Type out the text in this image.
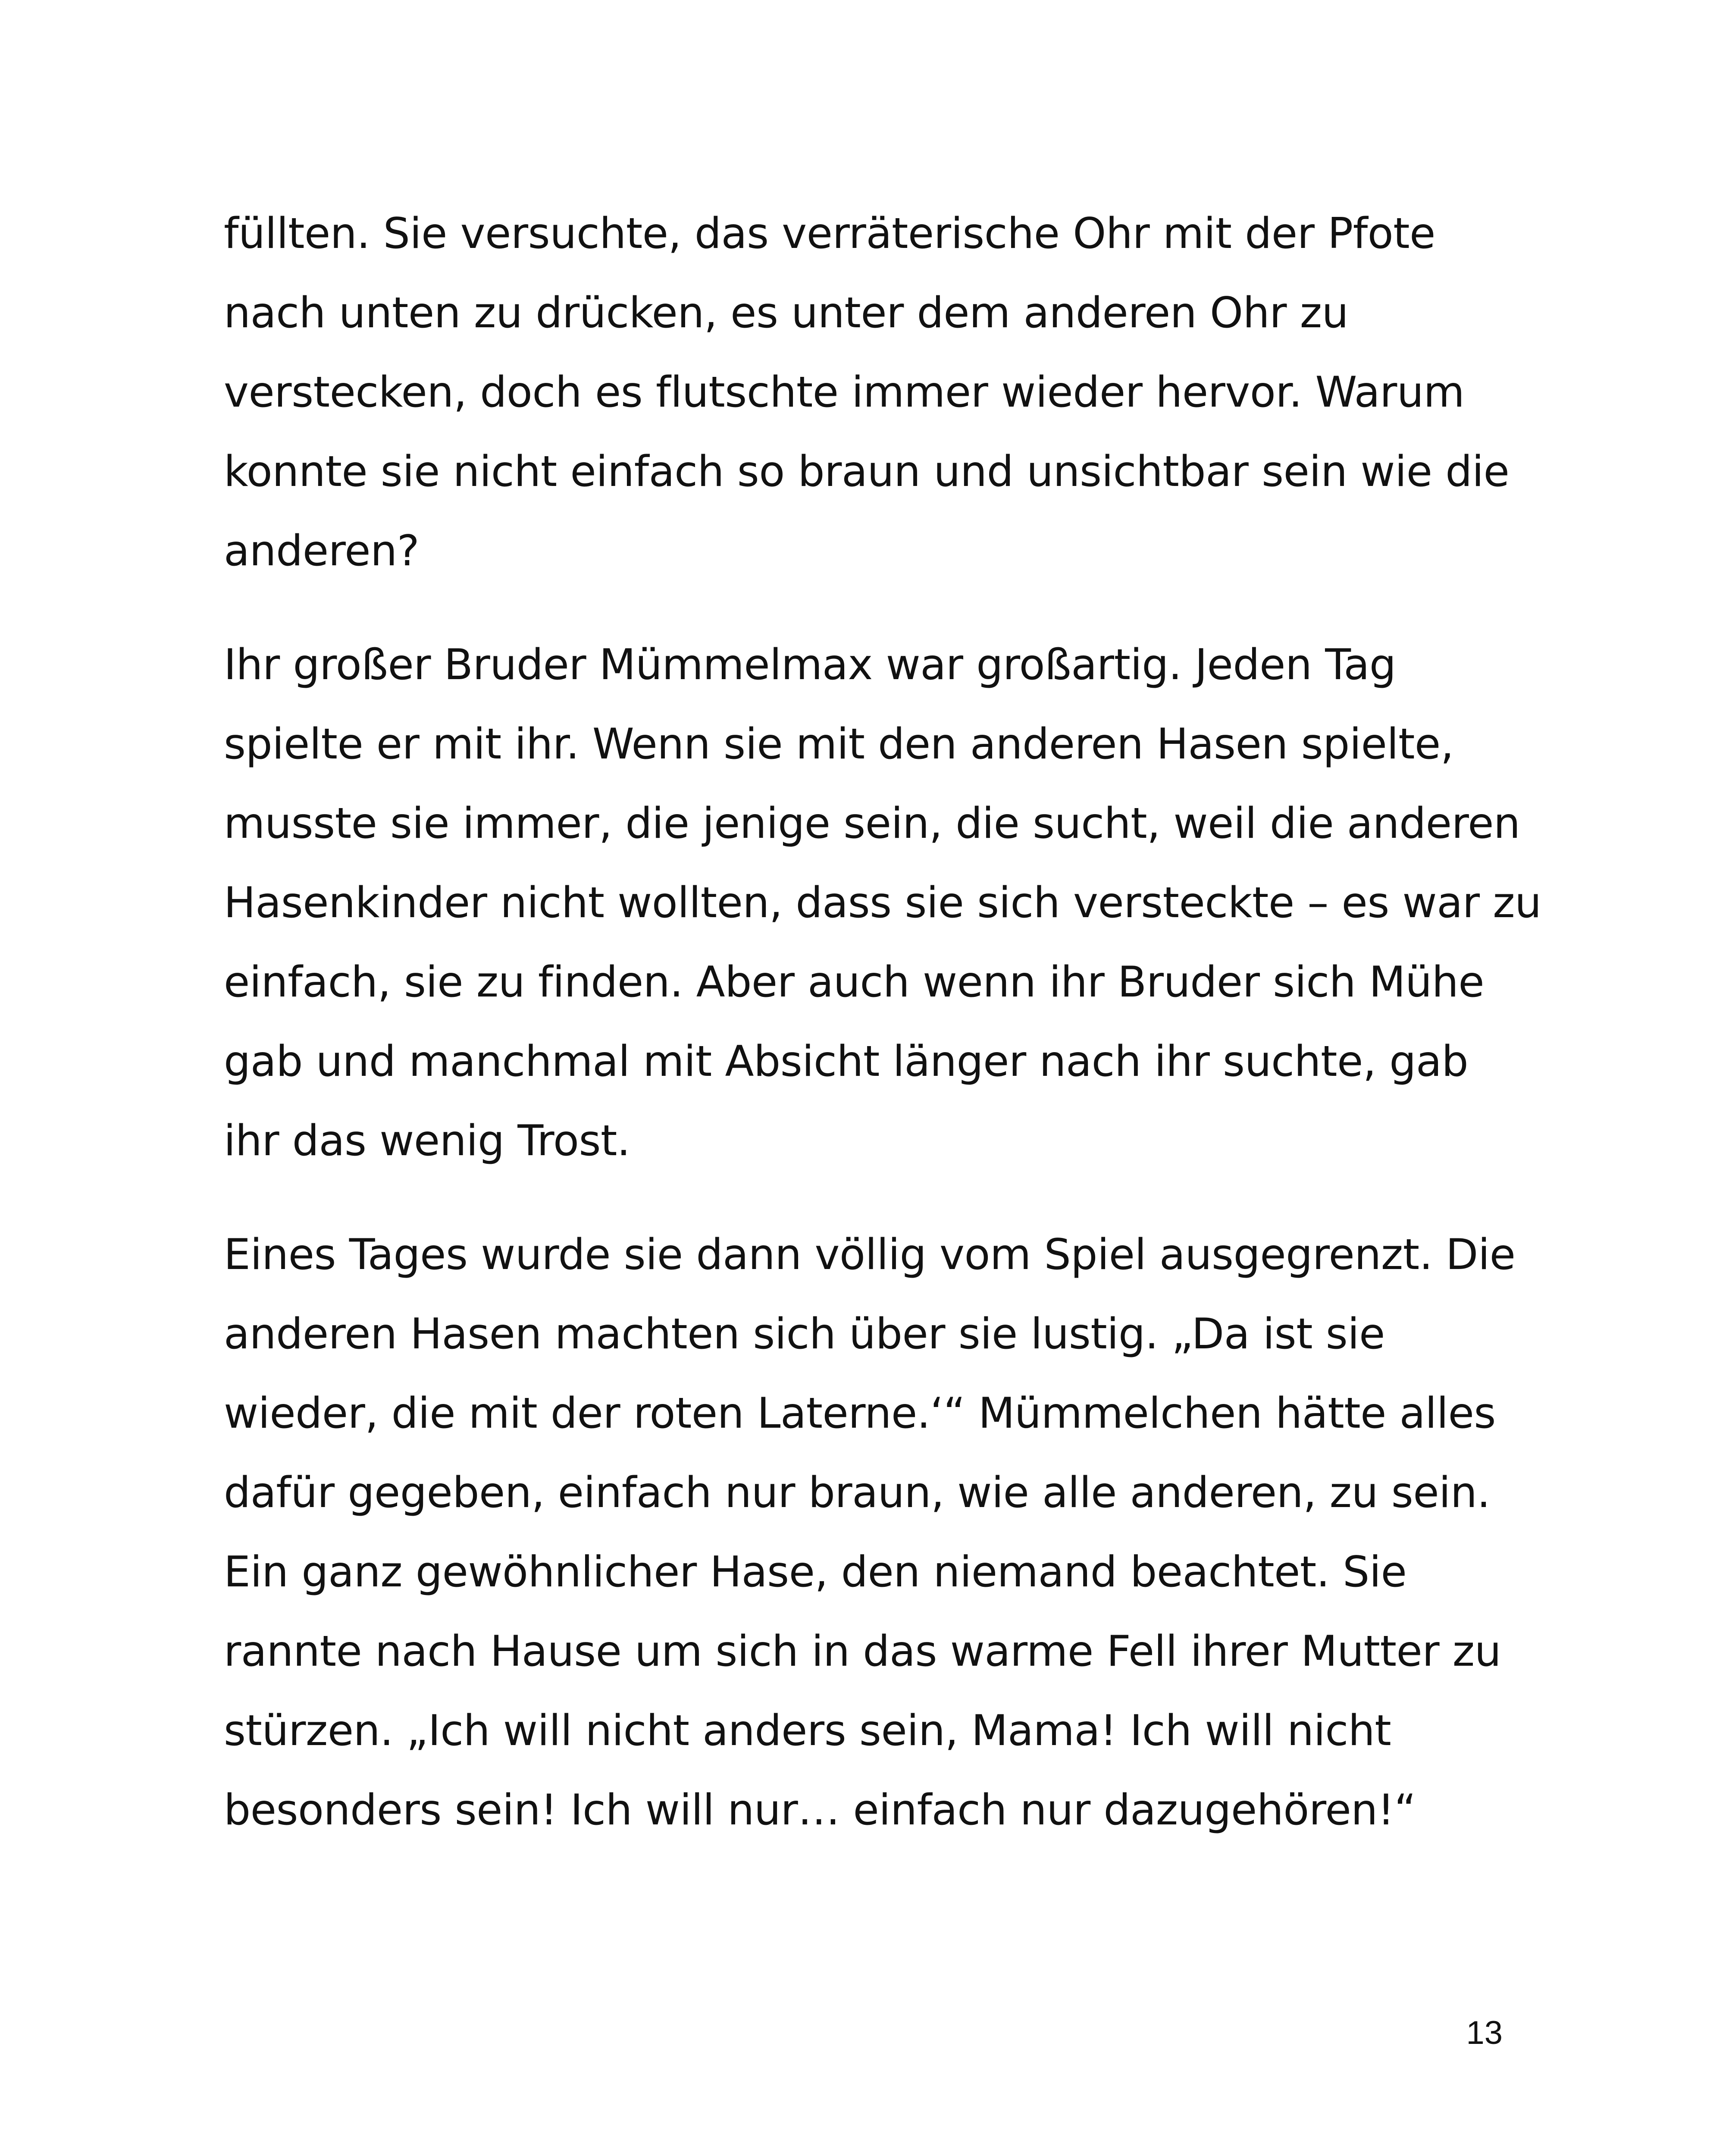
füllten. Sie versuchte, das verräterische Ohr mit der Pfote
nach unten zu drücken, es unter dem anderen Ohr zu
verstecken, doch es flutschte immer wieder hervor. Warum
konnte sie nicht einfach so braun und unsichtbar sein wie die
anderen?

Ihr großer Bruder Mümmelmax war großartig. Jeden Tag
spielte er mit ihr. Wenn sie mit den anderen Hasen spielte,
musste sie immer, die jenige sein, die sucht, weil die anderen
Hasenkinder nicht wollten, dass sie sich versteckte – es war zu
einfach, sie zu finden. Aber auch wenn ihr Bruder sich Mühe
gab und manchmal mit Absicht länger nach ihr suchte, gab
ihr das wenig Trost.

Eines Tages wurde sie dann völlig vom Spiel ausgegrenzt. Die
anderen Hasen machten sich über sie lustig. „Da ist sie
wieder, die mit der roten Laterne.‘“ Mümmelchen hätte alles
dafür gegeben, einfach nur braun, wie alle anderen, zu sein.
Ein ganz gewöhnlicher Hase, den niemand beachtet. Sie
rannte nach Hause um sich in das warme Fell ihrer Mutter zu
stürzen. „Ich will nicht anders sein, Mama! Ich will nicht
besonders sein! Ich will nur… einfach nur dazugehören!“

13
